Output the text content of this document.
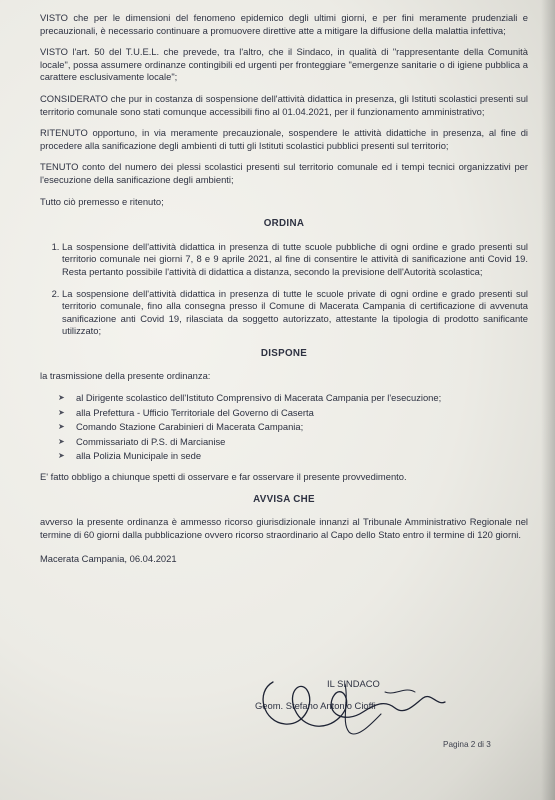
VISTO che per le dimensioni del fenomeno epidemico degli ultimi giorni, e per fini meramente prudenziali e precauzionali, è necessario continuare a promuovere direttive atte a mitigare la diffusione della malattia infettiva;

VISTO l'art. 50 del T.U.E.L. che prevede, tra l'altro, che il Sindaco, in qualità di "rappresentante della Comunità locale", possa assumere ordinanze contingibili ed urgenti per fronteggiare "emergenze sanitarie o di igiene pubblica a carattere esclusivamente locale";

CONSIDERATO che pur in costanza di sospensione dell'attività didattica in presenza, gli Istituti scolastici presenti sul territorio comunale sono stati comunque accessibili fino al 01.04.2021, per il funzionamento amministrativo;

RITENUTO opportuno, in via meramente precauzionale, sospendere le attività didattiche in presenza, al fine di procedere alla sanificazione degli ambienti di tutti gli Istituti scolastici pubblici presenti sul territorio;

TENUTO conto del numero dei plessi scolastici presenti sul territorio comunale ed i tempi tecnici organizzativi per l'esecuzione della sanificazione degli ambienti;

Tutto ciò premesso e ritenuto;

ORDINA
1. La sospensione dell'attività didattica in presenza di tutte scuole pubbliche di ogni ordine e grado presenti sul territorio comunale nei giorni 7, 8 e 9 aprile 2021, al fine di consentire le attività di sanificazione anti Covid 19. Resta pertanto possibile l'attività di didattica a distanza, secondo la previsione dell'Autorità scolastica;
2. La sospensione dell'attività didattica in presenza di tutte le scuole private di ogni ordine e grado presenti sul territorio comunale, fino alla consegna presso il Comune di Macerata Campania di certificazione di avvenuta sanificazione anti Covid 19, rilasciata da soggetto autorizzato, attestante la tipologia di prodotto sanificante utilizzato;
DISPONE

la trasmissione della presente ordinanza:

➤	al Dirigente scolastico dell'Istituto Comprensivo di Macerata Campania per l'esecuzione;
➤	alla Prefettura - Ufficio Territoriale del Governo di Caserta
➤	Comando Stazione Carabinieri di Macerata Campania;
➤	Commissariato di P.S. di Marcianise
➤	alla Polizia Municipale in sede

E' fatto obbligo a chiunque spetti di osservare e far osservare il presente provvedimento.

AVVISA CHE

avverso la presente ordinanza è ammesso ricorso giurisdizionale innanzi al Tribunale Amministrativo Regionale nel termine di 60 giorni dalla pubblicazione ovvero ricorso straordinario al Capo dello Stato entro il termine di 120 giorni.

Macerata Campania, 06.04.2021

IL SINDACO
Geom. Stefano Antonio Cioffi
Pagina 2 di 3
